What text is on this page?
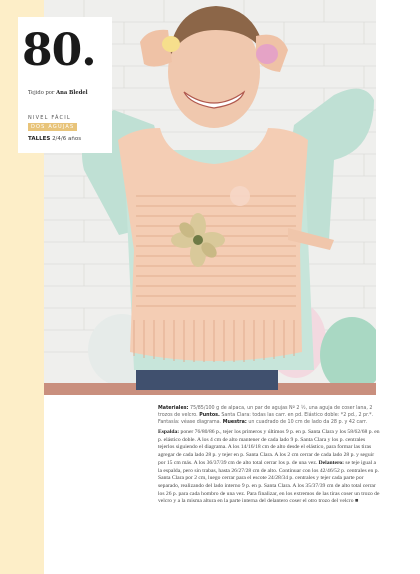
80.
Tejido por Ana Bledel
NIVEL FÁCIL
DOS AGUJAS
TALLES 2/4/6 años

Materiales: 75/85/100 g de alpaca, un par de agujas Nº 2 ½, una aguja de coser lana, 2 trozos de velcro. Puntos. Santa Clara: todas las carr. en pd. Elástico doble: *2 pd., 2 pr.*. Fantasía: véase diagrama. Muestra: un cuadrado de 10 cm de lado da 28 p. y 42 carr.

Espalda: poner 76/80/86 p., tejer los primeros y últimos 9 p. en p. Santa Clara y los 58/62/68 p. en p. elástico doble. A los 4 cm de alto mantener de cada lado 9 p. Santa Clara y los p. centrales tejerlos siguiendo el diagrama. A los 14/16/18 cm de alto desde el elástico, para formar las tiras agregar de cada lado 28 p. y tejer en p. Santa Clara. A los 2 cm cerrar de cada lado 28 p. y seguir por 15 cm más. A los 36/37/39 cm de alto total cerrar los p. de una vez. Delantero: se teje igual a la espalda, pero sin trabas, hasta 26/27/28 cm de alto. Continuar con los 42/46/52 p. centrales en p. Santa Clara por 2 cm, luego cerrar para el escote 24/28/34 p. centrales y tejer cada parte por separado, realizando del lado interno 9 p. en p. Santa Clara. A los 35/37/39 cm de alto total cerrar los 26 p. para cada hombro de una vez. Para finalizar, en los extremos de las tiras coser un trozo de velcro y a la misma altura en la parte interna del delantero coser el otro trozo del velcro ■
